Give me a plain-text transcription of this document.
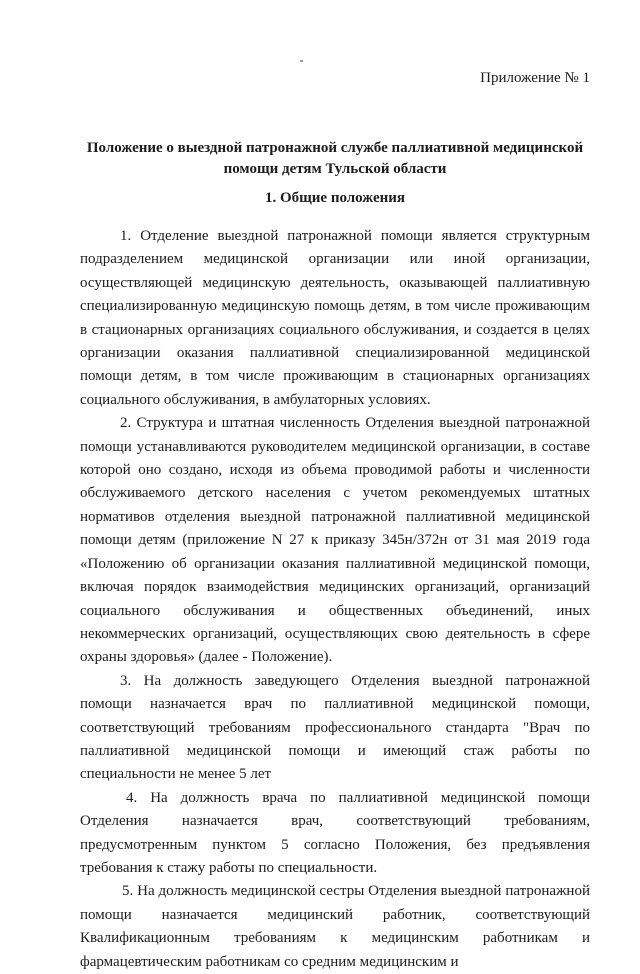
Приложение № 1
Положение о выездной патронажной службе паллиативной медицинской помощи детям Тульской области
1. Общие положения

1. Отделение выездной патронажной помощи является структурным подразделением медицинской организации или иной организации, осуществляющей медицинскую деятельность, оказывающей паллиативную специализированную медицинскую помощь детям, в том числе проживающим в стационарных организациях социального обслуживания, и создается в целях организации оказания паллиативной специализированной медицинской помощи детям, в том числе проживающим в стационарных организациях социального обслуживания, в амбулаторных условиях.

2. Структура и штатная численность Отделения выездной патронажной помощи устанавливаются руководителем медицинской организации, в составе которой оно создано, исходя из объема проводимой работы и численности обслуживаемого детского населения с учетом рекомендуемых штатных нормативов отделения выездной патронажной паллиативной медицинской помощи детям (приложение N 27 к приказу 345н/372н от 31 мая 2019 года «Положению об организации оказания паллиативной медицинской помощи, включая порядок взаимодействия медицинских организаций, организаций социального обслуживания и общественных объединений, иных некоммерческих организаций, осуществляющих свою деятельность в сфере охраны здоровья» (далее - Положение).

3. На должность заведующего Отделения выездной патронажной помощи назначается врач по паллиативной медицинской помощи, соответствующий требованиям профессионального стандарта "Врач по паллиативной медицинской помощи и имеющий стаж работы по специальности не менее 5 лет

4. На должность врача по паллиативной медицинской помощи Отделения назначается врач, соответствующий требованиям, предусмотренным пунктом 5 согласно Положения, без предъявления требования к стажу работы по специальности.

5. На должность медицинской сестры Отделения выездной патронажной помощи назначается медицинский работник, соответствующий Квалификационным требованиям к медицинским работникам и фармацевтическим работникам со средним медицинским и
